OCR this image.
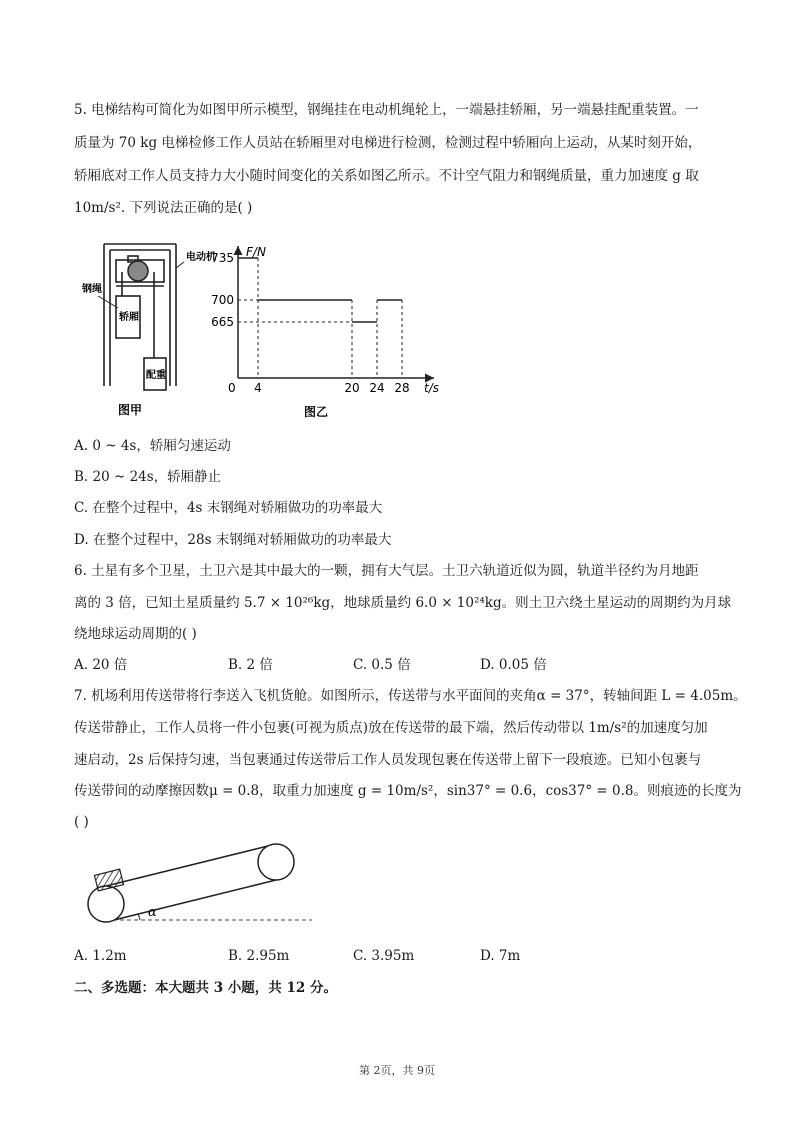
5. 电梯结构可简化为如图甲所示模型，钢绳挂在电动机绳轮上，一端悬挂轿厢，另一端悬挂配重装置。一
质量为 70 kg 电梯检修工作人员站在轿厢里对电梯进行检测，检测过程中轿厢向上运动，从某时刻开始，
轿厢底对工作人员支持力大小随时间变化的关系如图乙所示。不计空气阻力和钢绳质量，重力加速度 g 取
10m/s². 下列说法正确的是( )
电动机
钢绳
轿厢
配重
图甲
735
700
665
4	20 24 28
F/N
t/s
0
图乙
A. 0 ~ 4s，轿厢匀速运动
B. 20 ~ 24s，轿厢静止
C. 在整个过程中，4s 末钢绳对轿厢做功的功率最大
D. 在整个过程中，28s 末钢绳对轿厢做功的功率最大
6. 土星有多个卫星，土卫六是其中最大的一颗，拥有大气层。土卫六轨道近似为圆，轨道半径约为月地距
离的 3 倍，已知土星质量约 5.7 × 10²⁶kg，地球质量约 6.0 × 10²⁴kg。则土卫六绕土星运动的周期约为月球
绕地球运动周期的( )
A. 20 倍	B. 2 倍	C. 0.5 倍	D. 0.05 倍
7. 机场利用传送带将行李送入飞机货舱。如图所示，传送带与水平面间的夹角α = 37°，转轴间距 L = 4.05m。
传送带静止，工作人员将一件小包裹(可视为质点)放在传送带的最下端，然后传动带以 1m/s²的加速度匀加
速启动，2s 后保持匀速，当包裹通过传送带后工作人员发现包裹在传送带上留下一段痕迹。已知小包裹与
传送带间的动摩擦因数μ = 0.8，取重力加速度 g = 10m/s²，sin37° = 0.6，cos37° = 0.8。则痕迹的长度为
( )
α
A. 1.2m	B. 2.95m	C. 3.95m	D. 7m
二、多选题：本大题共 3 小题，共 12 分。
第 2页，共 9页
